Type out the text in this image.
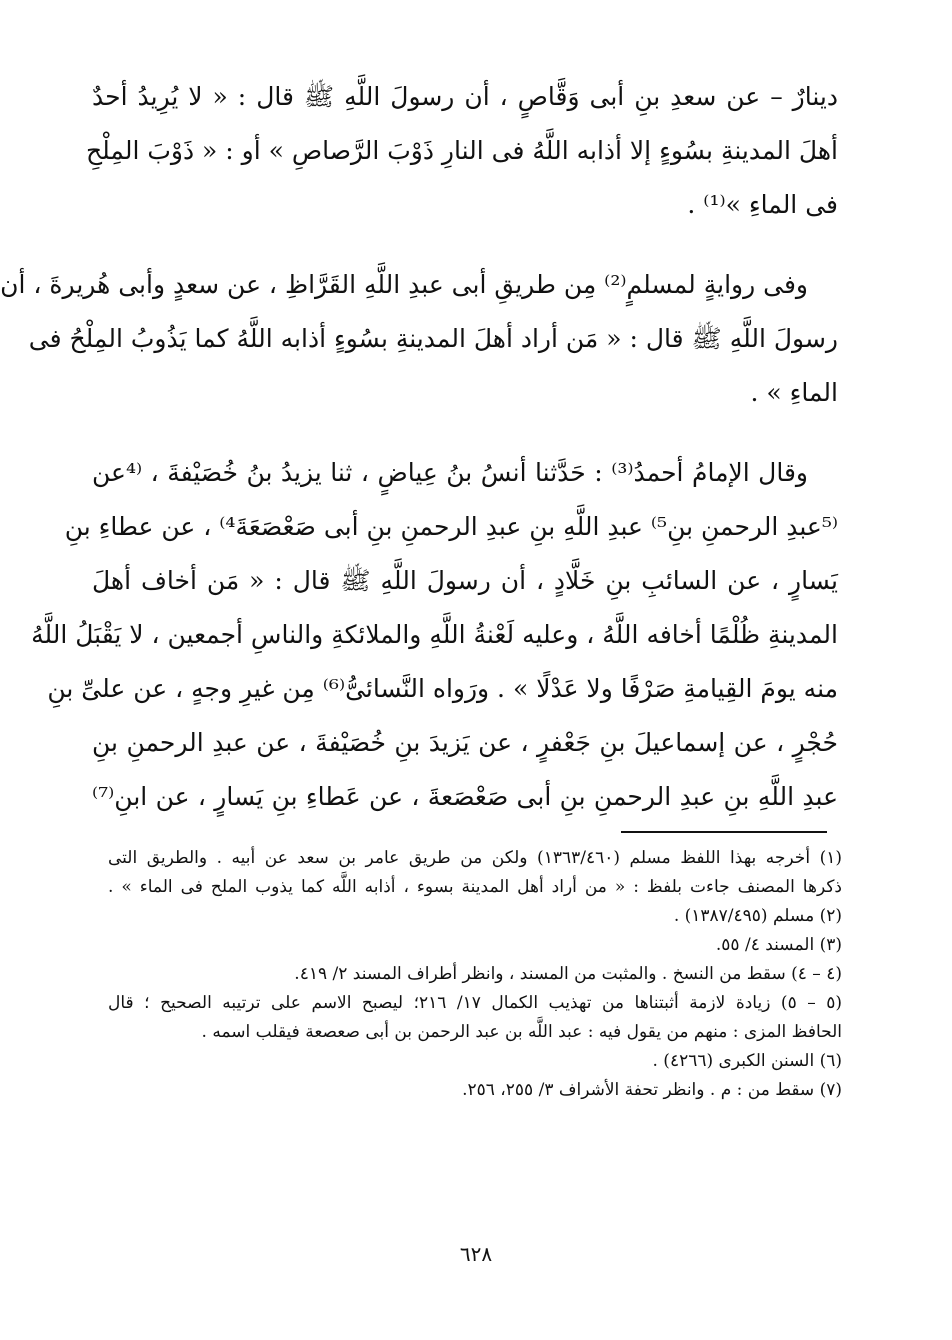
دينارٌ – عن سعدِ بنِ أبى وَقَّاصٍ ، أن رسولَ اللَّهِ ﷺ قال : « لا يُرِيدُ أحدٌ
أهلَ المدينةِ بسُوءٍ إلا أذابه اللَّهُ فى النارِ ذَوْبَ الرَّصاصِ » أو : « ذَوْبَ المِلْحِ
فى الماءِ »⁽¹⁾ .
وفى روايةٍ لمسلمٍ⁽²⁾ مِن طريقِ أبى عبدِ اللَّهِ القَرَّاظِ ، عن سعدٍ وأبى هُريرةَ ، أن
رسولَ اللَّهِ ﷺ قال : « مَن أراد أهلَ المدينةِ بسُوءٍ أذابه اللَّهُ كما يَذُوبُ المِلْحُ فى
الماءِ » .
وقال الإمامُ أحمدُ⁽³⁾ : حَدَّثنا أنسُ بنُ عِياضٍ ، ثنا يزيدُ بنُ خُصَيْفةَ ، ⁽⁴عن
⁽⁵عبدِ الرحمنِ بنِ⁵⁾ عبدِ اللَّهِ بنِ عبدِ الرحمنِ بنِ أبى صَعْصَعَةَ⁴⁾ ، عن عطاءِ بنِ
يَسارٍ ، عن السائبِ بنِ خَلَّادٍ ، أن رسولَ اللَّهِ ﷺ قال : « مَن أخاف أهلَ
المدينةِ ظُلْمًا أخافه اللَّهُ ، وعليه لَعْنةُ اللَّهِ والملائكةِ والناسِ أجمعين ، لا يَقْبَلُ اللَّهُ
منه يومَ القِيامةِ صَرْفًا ولا عَدْلًا » . ورَواه النَّسائىُّ⁽⁶⁾ مِن غيرِ وجهٍ ، عن علىِّ بنِ
حُجْرٍ ، عن إسماعيلَ بنِ جَعْفرٍ ، عن يَزيدَ بنِ خُصَيْفةَ ، عن عبدِ الرحمنِ بنِ
عبدِ اللَّهِ بنِ عبدِ الرحمنِ بنِ أبى صَعْصَعةَ ، عن عَطاءِ بنِ يَسارٍ ، عن ابنِ⁽⁷⁾
(١) أخرجه بهذا اللفظ مسلم (١٣٦٣/٤٦٠) ولكن من طريق عامر بن سعد عن أبيه . والطريق التى
ذكرها المصنف جاءت بلفظ : « من أراد أهل المدينة بسوء ، أذابه اللَّه كما يذوب الملح فى الماء » .
(٢) مسلم (١٣٨٧/٤٩٥) .
(٣) المسند ٤/ ٥٥.
(٤ – ٤) سقط من النسخ . والمثبت من المسند ، وانظر أطراف المسند ٢/ ٤١٩.
(٥ – ٥) زيادة لازمة أثبتناها من تهذيب الكمال ١٧/ ٢١٦؛ ليصبح الاسم على ترتيبه الصحيح ؛ قال
الحافظ المزى : منهم من يقول فيه : عبد اللَّه بن عبد الرحمن بن أبى صعصعة فيقلب اسمه .
(٦) السنن الكبرى (٤٢٦٦) .
(٧) سقط من : م . وانظر تحفة الأشراف ٣/ ٢٥٥، ٢٥٦.
٦٢٨
